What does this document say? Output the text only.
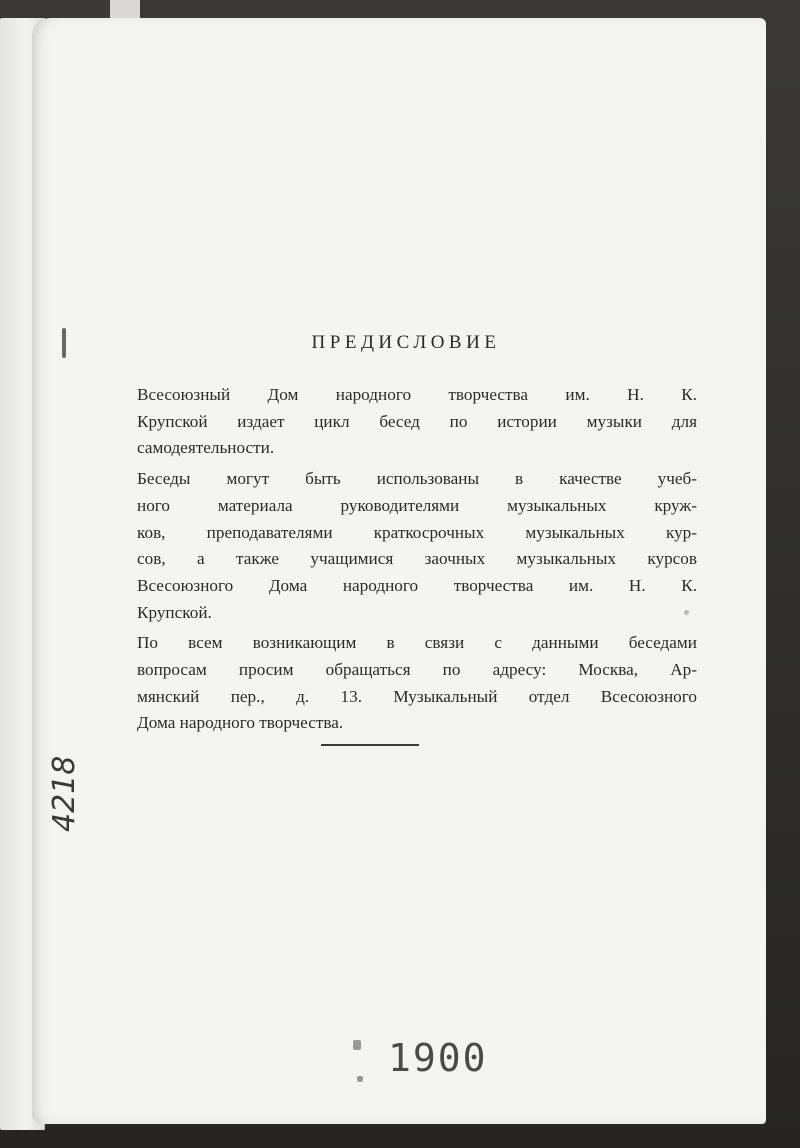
ПРЕДИСЛОВИЕ

Всесоюзный Дом народного творчества им. Н. К.
Крупской издает цикл бесед по истории музыки для
самодеятельности.

Беседы могут быть использованы в качестве учеб-
ного материала руководителями музыкальных круж-
ков, преподавателями краткосрочных музыкальных кур-
сов, а также учащимися заочных музыкальных курсов
Всесоюзного Дома народного творчества им. Н. К.
Крупской.

По всем возникающим в связи с данными беседами
вопросам просим обращаться по адресу: Москва, Ар-
мянский пер., д. 13. Музыкальный отдел Всесоюзного
Дома народного творчества.

4218
1900
